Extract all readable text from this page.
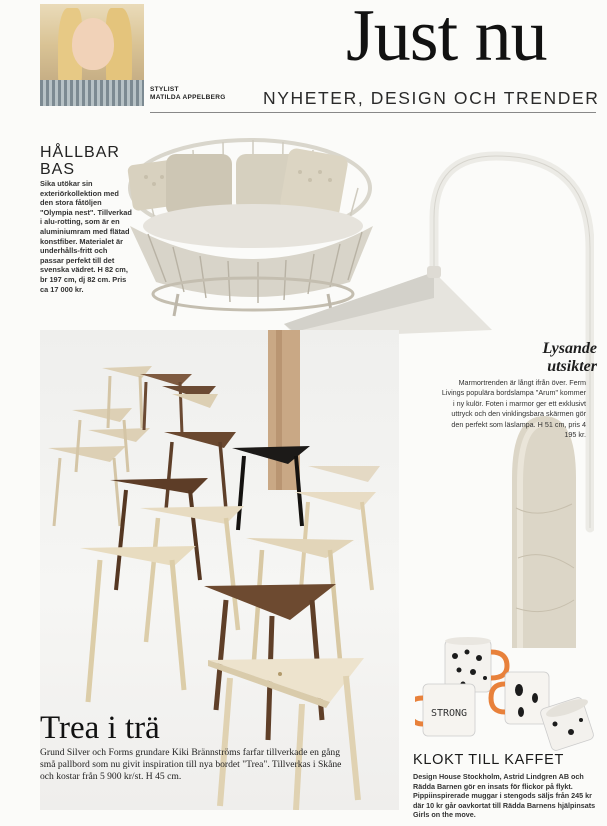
STYLIST
MATILDA APPELBERG
Just nu
NYHETER, DESIGN OCH TRENDER
HÅLLBAR
BAS
Sika utökar sin exteriörkollektion med den stora fåtöljen "Olympia nest". Tillverkad i alu-rotting, som är en aluminiumram med flätad konstfiber. Materialet är underhålls-fritt och passar perfekt till det svenska vädret. H 82 cm, br 197 cm, dj 82 cm. Pris ca 17 000 kr.
Lysande
utsikter
Marmortrenden är långt ifrån över. Ferm Livings populära bordslampa "Arum" kommer i ny kulör. Foten i marmor ger ett exklusivt uttryck och den vinklingsbara skärmen gör den perfekt som läslampa. H 51 cm, pris 4 195 kr.
Trea i trä
Grund Silver och Forms grundare Kiki Brännströms farfar tillverkade en gång små pallbord som nu givit inspiration till nya bordet "Trea". Tillverkas i Skåne och kostar från 5 900 kr/st. H 45 cm.
STRONG
KLOKT TILL KAFFET
Design House Stockholm, Astrid Lindgren AB och Rädda Barnen gör en insats för flickor på flykt. Pippiinspirerade muggar i stengods säljs från 245 kr där 10 kr går oavkortat till Rädda Barnens hjälpinsats Girls on the move.
